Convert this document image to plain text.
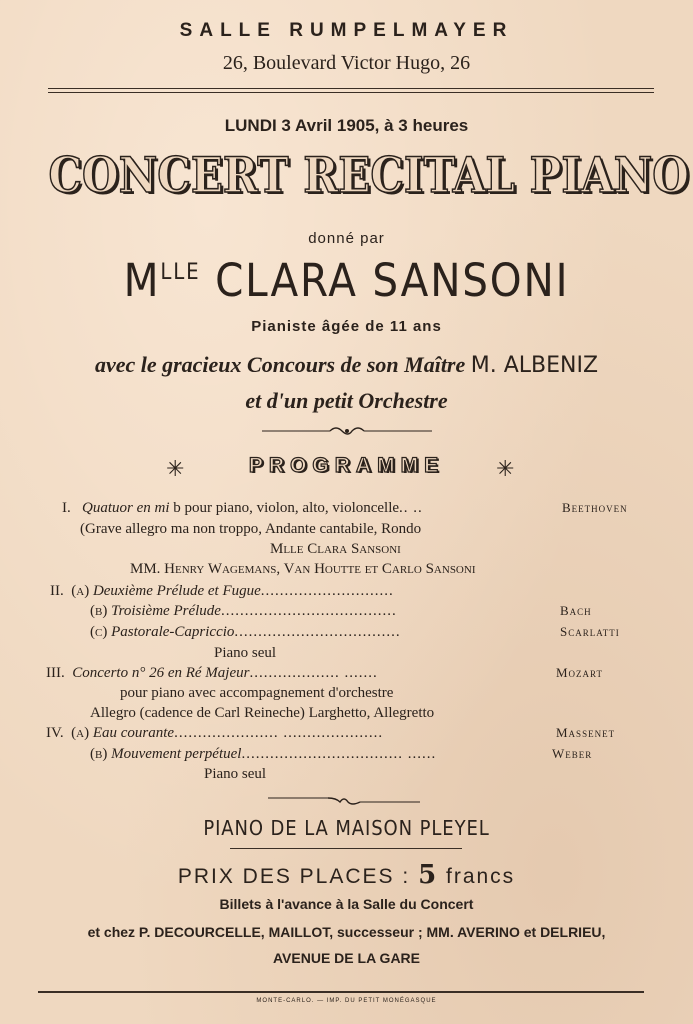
SALLE RUMPELMAYER
26, Boulevard Victor Hugo, 26
LUNDI 3 Avril 1905, à 3 heures
CONCERT RECITAL PIANO
donné par
$M^{LLE}$ CLARA SANSONI
Pianiste âgée de 11 ans
avec le gracieux Concours de son Maître M. ALBENIZ
et d'un petit Orchestre
✳	PROGRAMME	✳
I. Quatuor en mi b pour piano, violon, alto, violoncelle.. ..	Beethoven
(Grave allegro ma non troppo, Andante cantabile, Rondo
Mlle Clara Sansoni
MM. Henry Wagemans, Van Houtte et Carlo Sansoni
II. (a) Deuxième Prélude et Fugue............................
(b) Troisième Prélude.....................................	Bach
(c) Pastorale-Capriccio...................................	Scarlatti
Piano seul
III. Concerto n° 26 en Ré Majeur................... .......	Mozart
pour piano avec accompagnement d'orchestre
Allegro (cadence de Carl Reineche) Larghetto, Allegretto
IV. (a) Eau courante...................... .....................	Massenet
(b) Mouvement perpétuel.................................. ......	Weber
Piano seul
PIANO DE LA MAISON PLEYEL
PRIX DES PLACES : 5 francs
Billets à l'avance à la Salle du Concert
et chez P. DECOURCELLE, MAILLOT, successeur ; MM. AVERINO et DELRIEU,
AVENUE DE LA GARE
MONTE-CARLO. — IMP. DU PETIT MONÉGASQUE
